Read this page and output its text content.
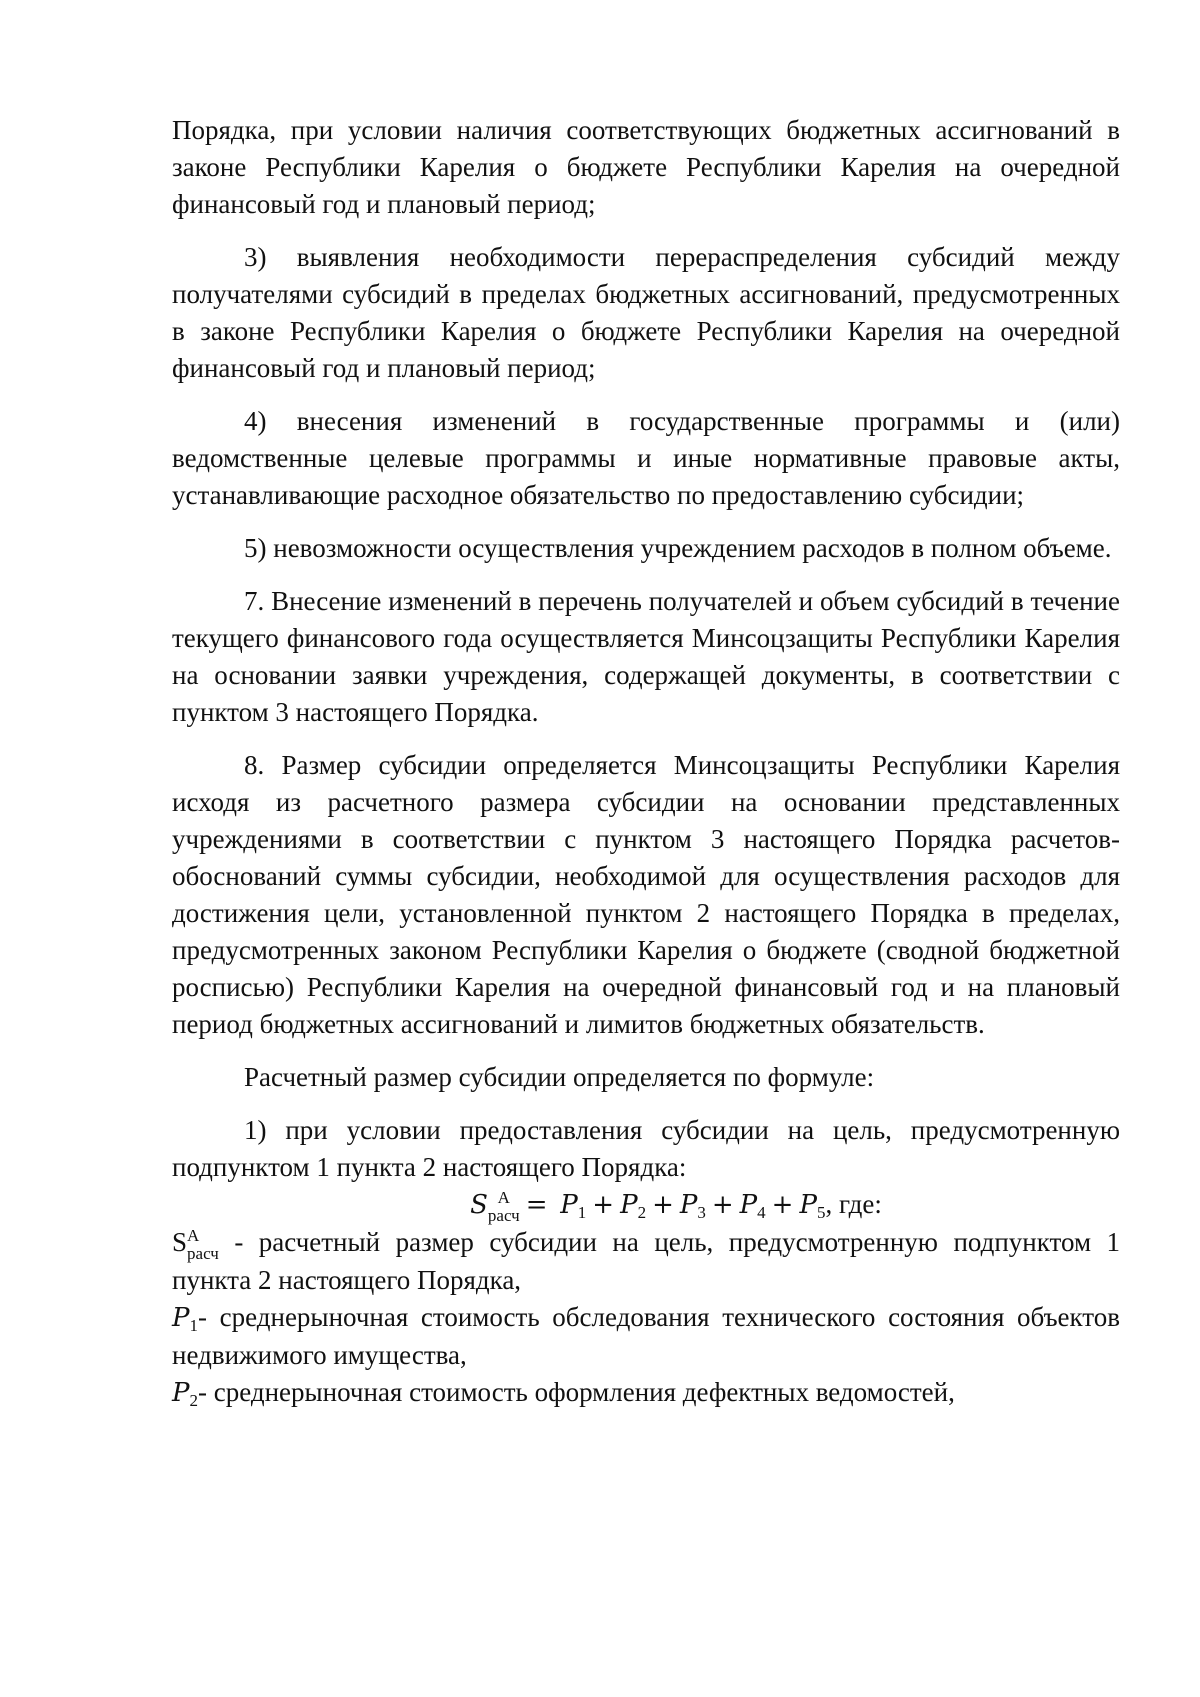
Порядка, при условии наличия соответствующих бюджетных ассигнований в законе Республики Карелия о бюджете Республики Карелия на очередной финансовый год и плановый период;

3) выявления необходимости перераспределения субсидий между получателями субсидий в пределах бюджетных ассигнований, предусмотренных в законе Республики Карелия о бюджете Республики Карелия на очередной финансовый год и плановый период;

4) внесения изменений в государственные программы и (или) ведомственные целевые программы и иные нормативные правовые акты, устанавливающие расходное обязательство по предоставлению субсидии;

5) невозможности осуществления учреждением расходов в полном объеме.

7. Внесение изменений в перечень получателей и объем субсидий в течение текущего финансового года осуществляется Минсоцзащиты Республики Карелия на основании заявки учреждения, содержащей документы, в соответствии с пунктом 3 настоящего Порядка.

8. Размер субсидии определяется Минсоцзащиты Республики Карелия исходя из расчетного размера субсидии на основании представленных учреждениями в соответствии с пунктом 3 настоящего Порядка расчетов-обоснований суммы субсидии, необходимой для осуществления расходов для достижения цели, установленной пунктом 2 настоящего Порядка в пределах, предусмотренных законом Республики Карелия о бюджете (сводной бюджетной росписью) Республики Карелия на очередной финансовый год и на плановый период бюджетных ассигнований и лимитов бюджетных обязательств.

Расчетный размер субсидии определяется по формуле:

1) при условии предоставления субсидии на цель, предусмотренную подпунктом 1 пункта 2 настоящего Порядка:

S А
расч = $P_1 + P_2 + P_3 + P_4 + P_5$, где:

S А
расч - расчетный размер субсидии на цель, предусмотренную подпунктом 1 пункта 2 настоящего Порядка,

$P_1-$ среднерыночная стоимость обследования технического состояния объектов недвижимого имущества,

$P_2-$ среднерыночная стоимость оформления дефектных ведомостей,
